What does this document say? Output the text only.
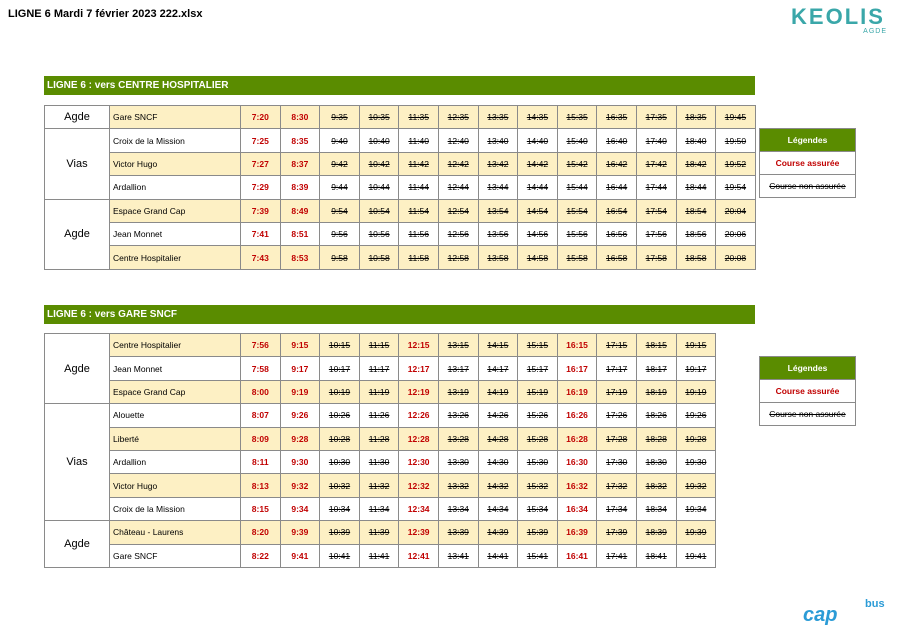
LIGNE 6 Mardi 7 février 2023 222.xlsx	KEOLIS
AGDE
LIGNE 6 : vers CENTRE HOSPITALIER
Agde	Gare SNCF	7:20	8:30	9:35	10:35	11:35	12:35	13:35	14:35	15:35	16:35	17:35	18:35	19:45
Vias	Croix de la Mission	7:25	8:35	9:40	10:40	11:40	12:40	13:40	14:40	15:40	16:40	17:40	18:40	19:50
	Victor Hugo	7:27	8:37	9:42	10:42	11:42	12:42	13:42	14:42	15:42	16:42	17:42	18:42	19:52
	Ardallion	7:29	8:39	9:44	10:44	11:44	12:44	13:44	14:44	15:44	16:44	17:44	18:44	19:54
Agde	Espace Grand Cap	7:39	8:49	9:54	10:54	11:54	12:54	13:54	14:54	15:54	16:54	17:54	18:54	20:04
	Jean Monnet	7:41	8:51	9:56	10:56	11:56	12:56	13:56	14:56	15:56	16:56	17:56	18:56	20:06
	Centre Hospitalier	7:43	8:53	9:58	10:58	11:58	12:58	13:58	14:58	15:58	16:58	17:58	18:58	20:08
Légendes
Course assurée
Course non assurée
LIGNE 6 : vers GARE SNCF
Agde	Centre Hospitalier	7:56	9:15	10:15	11:15	12:15	13:15	14:15	15:15	16:15	17:15	18:15	19:15
	Jean Monnet	7:58	9:17	10:17	11:17	12:17	13:17	14:17	15:17	16:17	17:17	18:17	19:17
	Espace Grand Cap	8:00	9:19	10:19	11:19	12:19	13:19	14:19	15:19	16:19	17:19	18:19	19:19
Vias	Alouette	8:07	9:26	10:26	11:26	12:26	13:26	14:26	15:26	16:26	17:26	18:26	19:26
	Liberté	8:09	9:28	10:28	11:28	12:28	13:28	14:28	15:28	16:28	17:28	18:28	19:28
	Ardallion	8:11	9:30	10:30	11:30	12:30	13:30	14:30	15:30	16:30	17:30	18:30	19:30
	Victor Hugo	8:13	9:32	10:32	11:32	12:32	13:32	14:32	15:32	16:32	17:32	18:32	19:32
	Croix de la Mission	8:15	9:34	10:34	11:34	12:34	13:34	14:34	15:34	16:34	17:34	18:34	19:34
Agde	Château - Laurens	8:20	9:39	10:39	11:39	12:39	13:39	14:39	15:39	16:39	17:39	18:39	19:39
	Gare SNCF	8:22	9:41	10:41	11:41	12:41	13:41	14:41	15:41	16:41	17:41	18:41	19:41
Légendes
Course assurée
Course non assurée
cap	bus
